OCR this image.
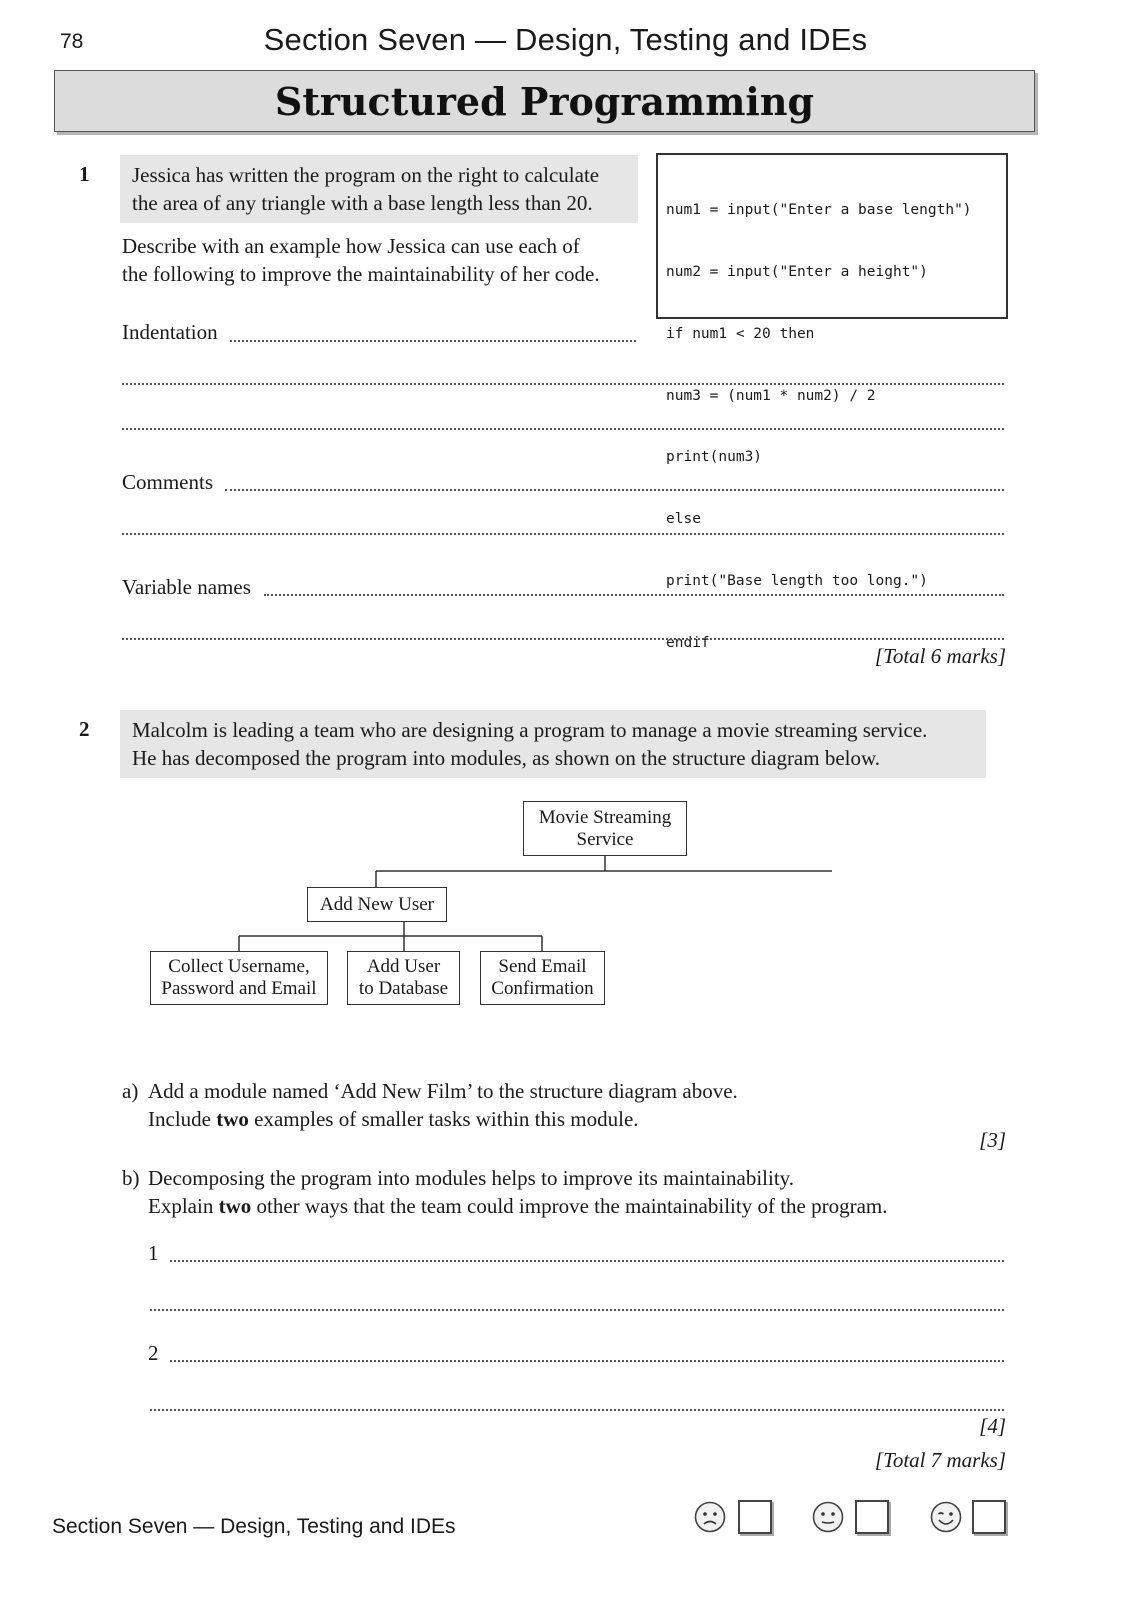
78	Section Seven — Design, Testing and IDEs
Structured Programming
1 Jessica has written the program on the right to calculate
the area of any triangle with a base length less than 20.
Describe with an example how Jessica can use each of
the following to improve the maintainability of her code.

num1 = input("Enter a base length")

num2 = input("Enter a height")

if num1 < 20 then

num3 = (num1 * num2) / 2

print(num3)

else

print("Base length too long.")

endif

Indentation
Comments
Variable names
[Total 6 marks]
2 Malcolm is leading a team who are designing a program to manage a movie streaming service.
He has decomposed the program into modules, as shown on the structure diagram below.
Movie Streaming
Service
Add New User
Collect Username,
Password and Email
Add User
to Database
Send Email
Confirmation
a) Add a module named ‘Add New Film’ to the structure diagram above.
Include two examples of smaller tasks within this module.
[3]
b) Decomposing the program into modules helps to improve its maintainability.
Explain two other ways that the team could improve the maintainability of the program.
1
2
[4]
[Total 7 marks]
Section Seven — Design, Testing and IDEs
